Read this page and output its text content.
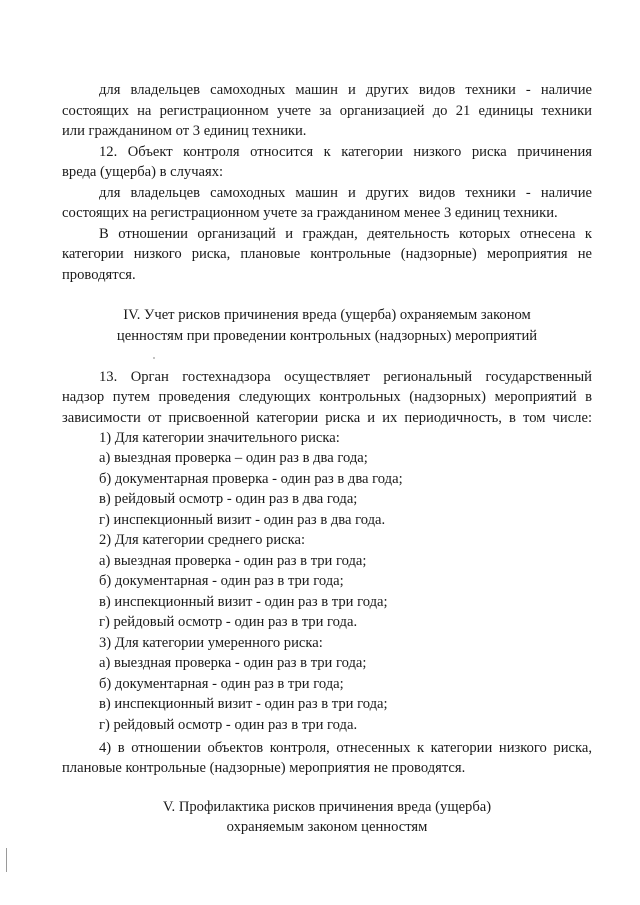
для владельцев самоходных машин и других видов техники - наличие

состоящих на регистрационном учете за организацией до 21 единицы техники

или гражданином от 3 единиц техники.

12. Объект контроля относится к категории низкого риска причинения

вреда (ущерба) в случаях:

для владельцев самоходных машин и других видов техники - наличие

состоящих на регистрационном учете за гражданином менее 3 единиц техники.

В отношении организаций и граждан, деятельность которых отнесена к

категории низкого риска, плановые контрольные (надзорные) мероприятия не

проводятся.

IV. Учет рисков причинения вреда (ущерба) охраняемым законом

ценностям при проведении контрольных (надзорных) мероприятий

13. Орган гостехнадзора осуществляет региональный государственный

надзор путем проведения следующих контрольных (надзорных) мероприятий в

зависимости от присвоенной категории риска и их периодичность, в том числе:

1) Для категории значительного риска:

а) выездная проверка – один раз в два года;

б) документарная проверка - один раз в два года;

в) рейдовый осмотр - один раз в два года;

г) инспекционный визит - один раз в два года.

2) Для категории среднего риска:

а) выездная проверка - один раз в три года;

б) документарная - один раз в три года;

в) инспекционный визит - один раз в три года;

г) рейдовый осмотр - один раз в три года.

3) Для категории умеренного риска:

а) выездная проверка - один раз в три года;

б) документарная - один раз в три года;

в) инспекционный визит - один раз в три года;

г) рейдовый осмотр - один раз в три года.

4) в отношении объектов контроля, отнесенных к категории низкого риска,

плановые контрольные (надзорные) мероприятия не проводятся.

V. Профилактика рисков причинения вреда (ущерба)

охраняемым законом ценностям
